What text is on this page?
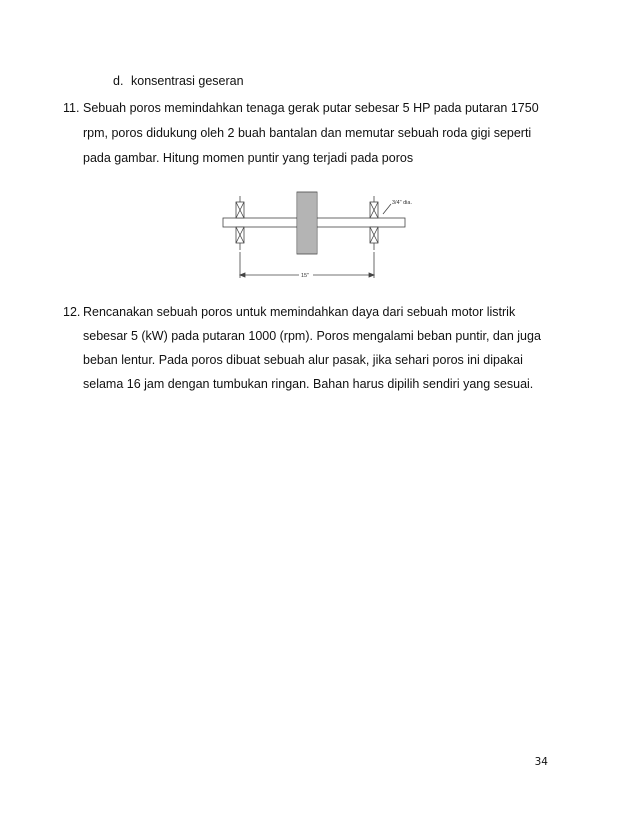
d. konsentrasi geseran
11. Sebuah poros memindahkan tenaga gerak putar sebesar 5 HP pada putaran 1750
rpm, poros didukung oleh 2 buah bantalan dan memutar sebuah roda gigi seperti
pada gambar. Hitung momen puntir yang terjadi pada poros
3/4" dia.
15"
12. Rencanakan sebuah poros untuk memindahkan daya dari sebuah motor listrik
sebesar 5 (kW) pada putaran 1000 (rpm). Poros mengalami beban puntir, dan juga
beban lentur. Pada poros dibuat sebuah alur pasak, jika sehari poros ini dipakai
selama 16 jam dengan tumbukan ringan. Bahan harus dipilih sendiri yang sesuai.
34
